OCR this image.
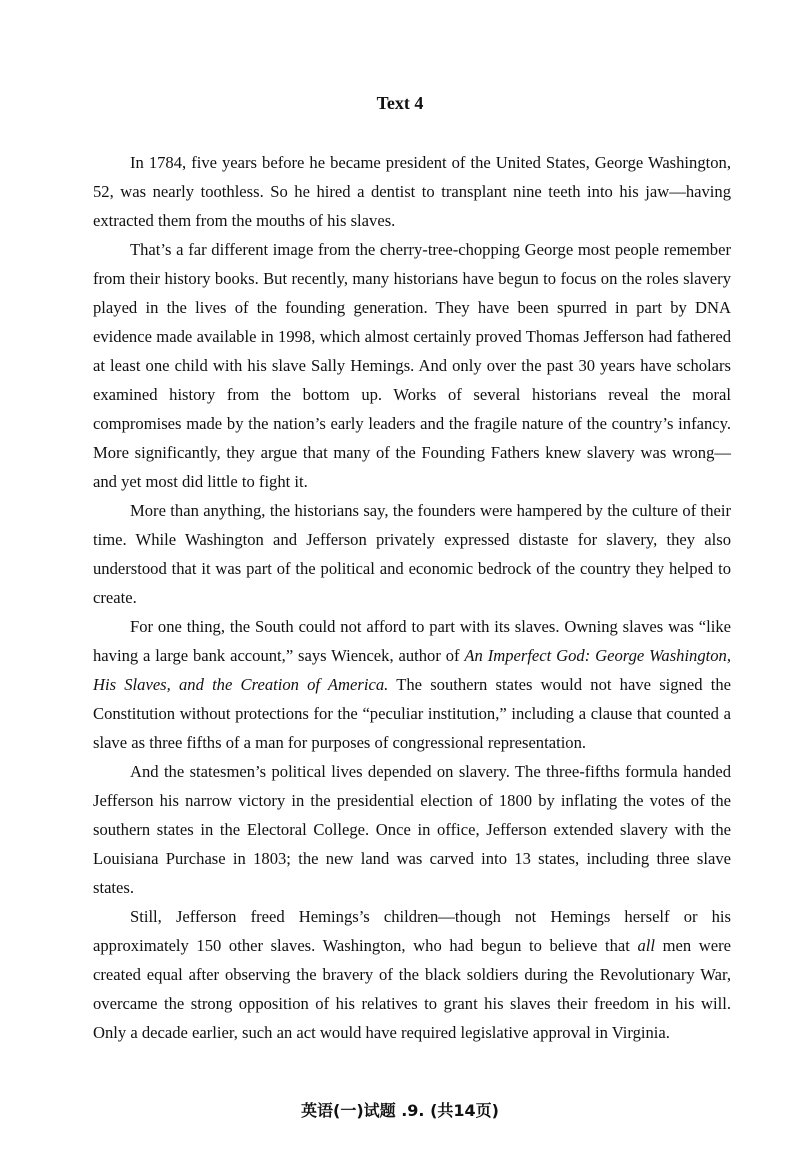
Text 4

In 1784, five years before he became president of the United States, George Washington, 52, was nearly toothless. So he hired a dentist to transplant nine teeth into his jaw—having extracted them from the mouths of his slaves.

That’s a far different image from the cherry-tree-chopping George most people remember from their history books. But recently, many historians have begun to focus on the roles slavery played in the lives of the founding generation. They have been spurred in part by DNA evidence made available in 1998, which almost certainly proved Thomas Jefferson had fathered at least one child with his slave Sally Hemings. And only over the past 30 years have scholars examined history from the bottom up. Works of several historians reveal the moral compromises made by the nation’s early leaders and the fragile nature of the country’s infancy. More significantly, they argue that many of the Founding Fathers knew slavery was wrong—and yet most did little to fight it.

More than anything, the historians say, the founders were hampered by the culture of their time. While Washington and Jefferson privately expressed distaste for slavery, they also understood that it was part of the political and economic bedrock of the country they helped to create.

For one thing, the South could not afford to part with its slaves. Owning slaves was “like having a large bank account,” says Wiencek, author of An Imperfect God: George Washington, His Slaves, and the Creation of America. The southern states would not have signed the Constitution without protections for the “peculiar institution,” including a clause that counted a slave as three fifths of a man for purposes of congressional representation.

And the statesmen’s political lives depended on slavery. The three-fifths formula handed Jefferson his narrow victory in the presidential election of 1800 by inflating the votes of the southern states in the Electoral College. Once in office, Jefferson extended slavery with the Louisiana Purchase in 1803; the new land was carved into 13 states, including three slave states.

Still, Jefferson freed Hemings’s children—though not Hemings herself or his approximately 150 other slaves. Washington, who had begun to believe that all men were created equal after observing the bravery of the black soldiers during the Revolutionary War, overcame the strong opposition of his relatives to grant his slaves their freedom in his will. Only a decade earlier, such an act would have required legislative approval in Virginia.

英语(一)试题 .9. (共14页)
